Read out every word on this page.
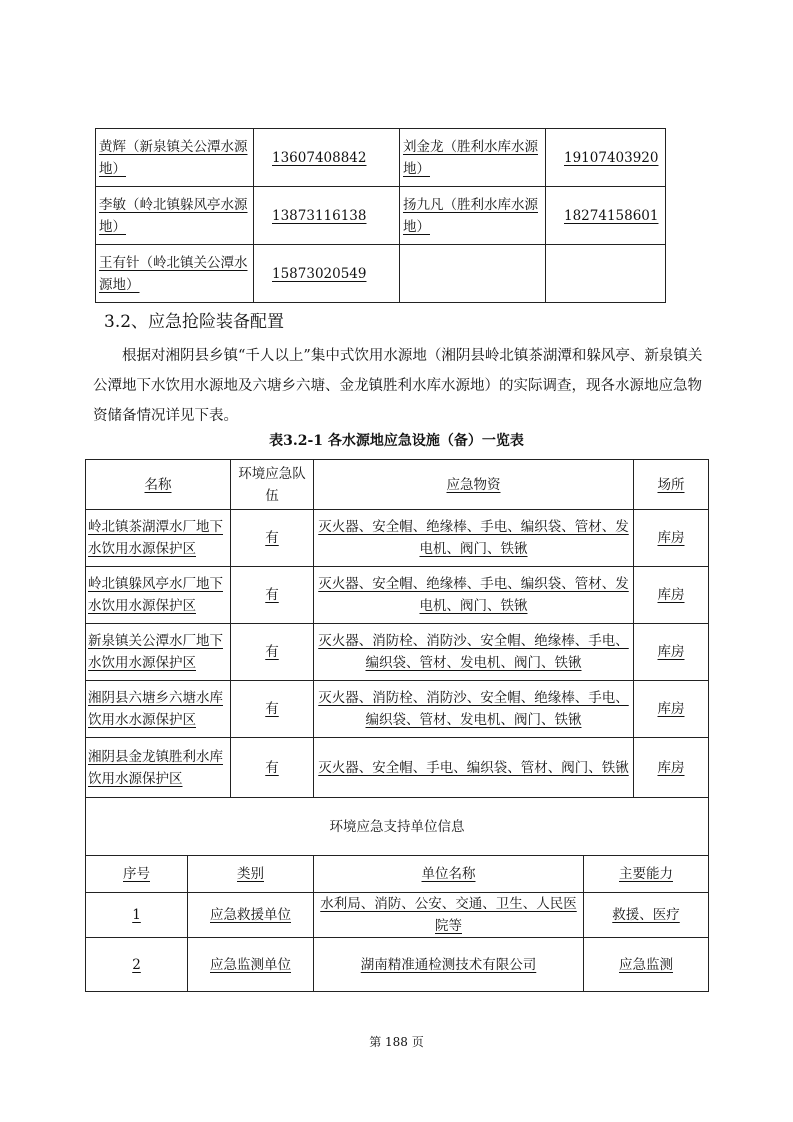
黄辉（新泉镇关公潭水源地）	13607408842	刘金龙（胜利水库水源地）	19107403920
李敏（岭北镇躲风亭水源地）	13873116138	扬九凡（胜利水库水源地）	18274158601
王有针（岭北镇关公潭水源地）	15873020549		
3.2、应急抢险装备配置
根据对湘阴县乡镇“千人以上”集中式饮用水源地（湘阴县岭北镇茶湖潭和躲风亭、新泉镇关公潭地下水饮用水源地及六塘乡六塘、金龙镇胜利水库水源地）的实际调查，现各水源地应急物资储备情况详见下表。
表3.2-1 各水源地应急设施（备）一览表
名称		环境应急队伍	应急物资		场所
岭北镇茶湖潭水厂地下水饮用水源保护区		有	灭火器、安全帽、绝缘棒、手电、编织袋、管材、发电机、阀门、铁锹		库房
岭北镇躲风亭水厂地下水饮用水源保护区		有	灭火器、安全帽、绝缘棒、手电、编织袋、管材、发电机、阀门、铁锹		库房
新泉镇关公潭水厂地下水饮用水源保护区		有	灭火器、消防栓、消防沙、安全帽、绝缘棒、手电、编织袋、管材、发电机、阀门、铁锹		库房
湘阴县六塘乡六塘水库饮用水水源保护区		有	灭火器、消防栓、消防沙、安全帽、绝缘棒、手电、编织袋、管材、发电机、阀门、铁锹		库房
湘阴县金龙镇胜利水库饮用水源保护区		有	灭火器、安全帽、手电、编织袋、管材、阀门、铁锹		库房
环境应急支持单位信息					
序号	类别		单位名称	主要能力	
1	应急救援单位		水利局、消防、公安、交通、卫生、人民医院等	救援、医疗	
2	应急监测单位		湖南精准通检测技术有限公司	应急监测	
第 188 页
